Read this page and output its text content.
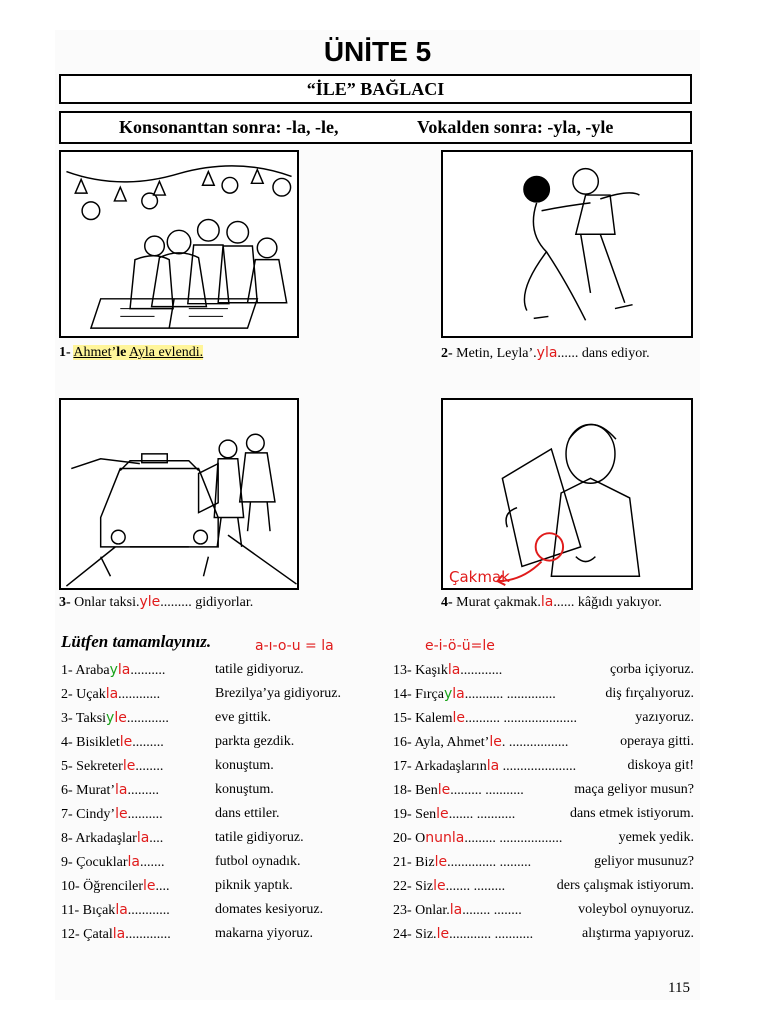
ÜNİTE 5
“İLE” BAĞLACI
Konsonanttan sonra: -la, -le,	Vokalden sonra: -yla, -yle
1- Ahmet’le Ayla evlendi.	2- Metin, Leyla’.yla...... dans ediyor.
Çakmak
3- Onlar taksi.yle......... gidiyorlar.	4- Murat çakmak.la...... kâğıdı yakıyor.
Lütfen tamamlayınız.	a-ı-o-u = la	e-i-ö-ü=le
1- Arabayla..........	tatile gidiyoruz.
2- Uçakla............	Brezilya’ya gidiyoruz.
3- Taksiyle............	eve gittik.
4- Bisikletle.........	parkta gezdik.
5- Sekreterle........	konuştum.
6- Murat’la.........	konuştum.
7- Cindy’le..........	dans ettiler.
8- Arkadaşlarla....	tatile gidiyoruz.
9- Çocuklarla.......	futbol oynadık.
10- Öğrencilerle....	piknik yaptık.
11- Bıçakla............	domates kesiyoruz.
12- Çatalla.............	makarna yiyoruz.
13- Kaşıkla............	çorba içiyoruz.
14- Fırçayla........... ..............	diş fırçalıyoruz.
15- Kalemle.......... .....................	yazıyoruz.
16- Ayla, Ahmet’le. .................	operaya gitti.
17- Arkadaşlarınla .....................	diskoya git!
18- Benle......... ...........	maça geliyor musun?
19- Senle....... ...........	dans etmek istiyorum.
20- Onunla......... ..................	yemek yedik.
21- Bizle.............. .........	geliyor musunuz?
22- Sizle....... .........	ders çalışmak istiyorum.
23- Onlar.la........ ........	voleybol oynuyoruz.
24- Siz.le............ ...........	alıştırma yapıyoruz.
115
